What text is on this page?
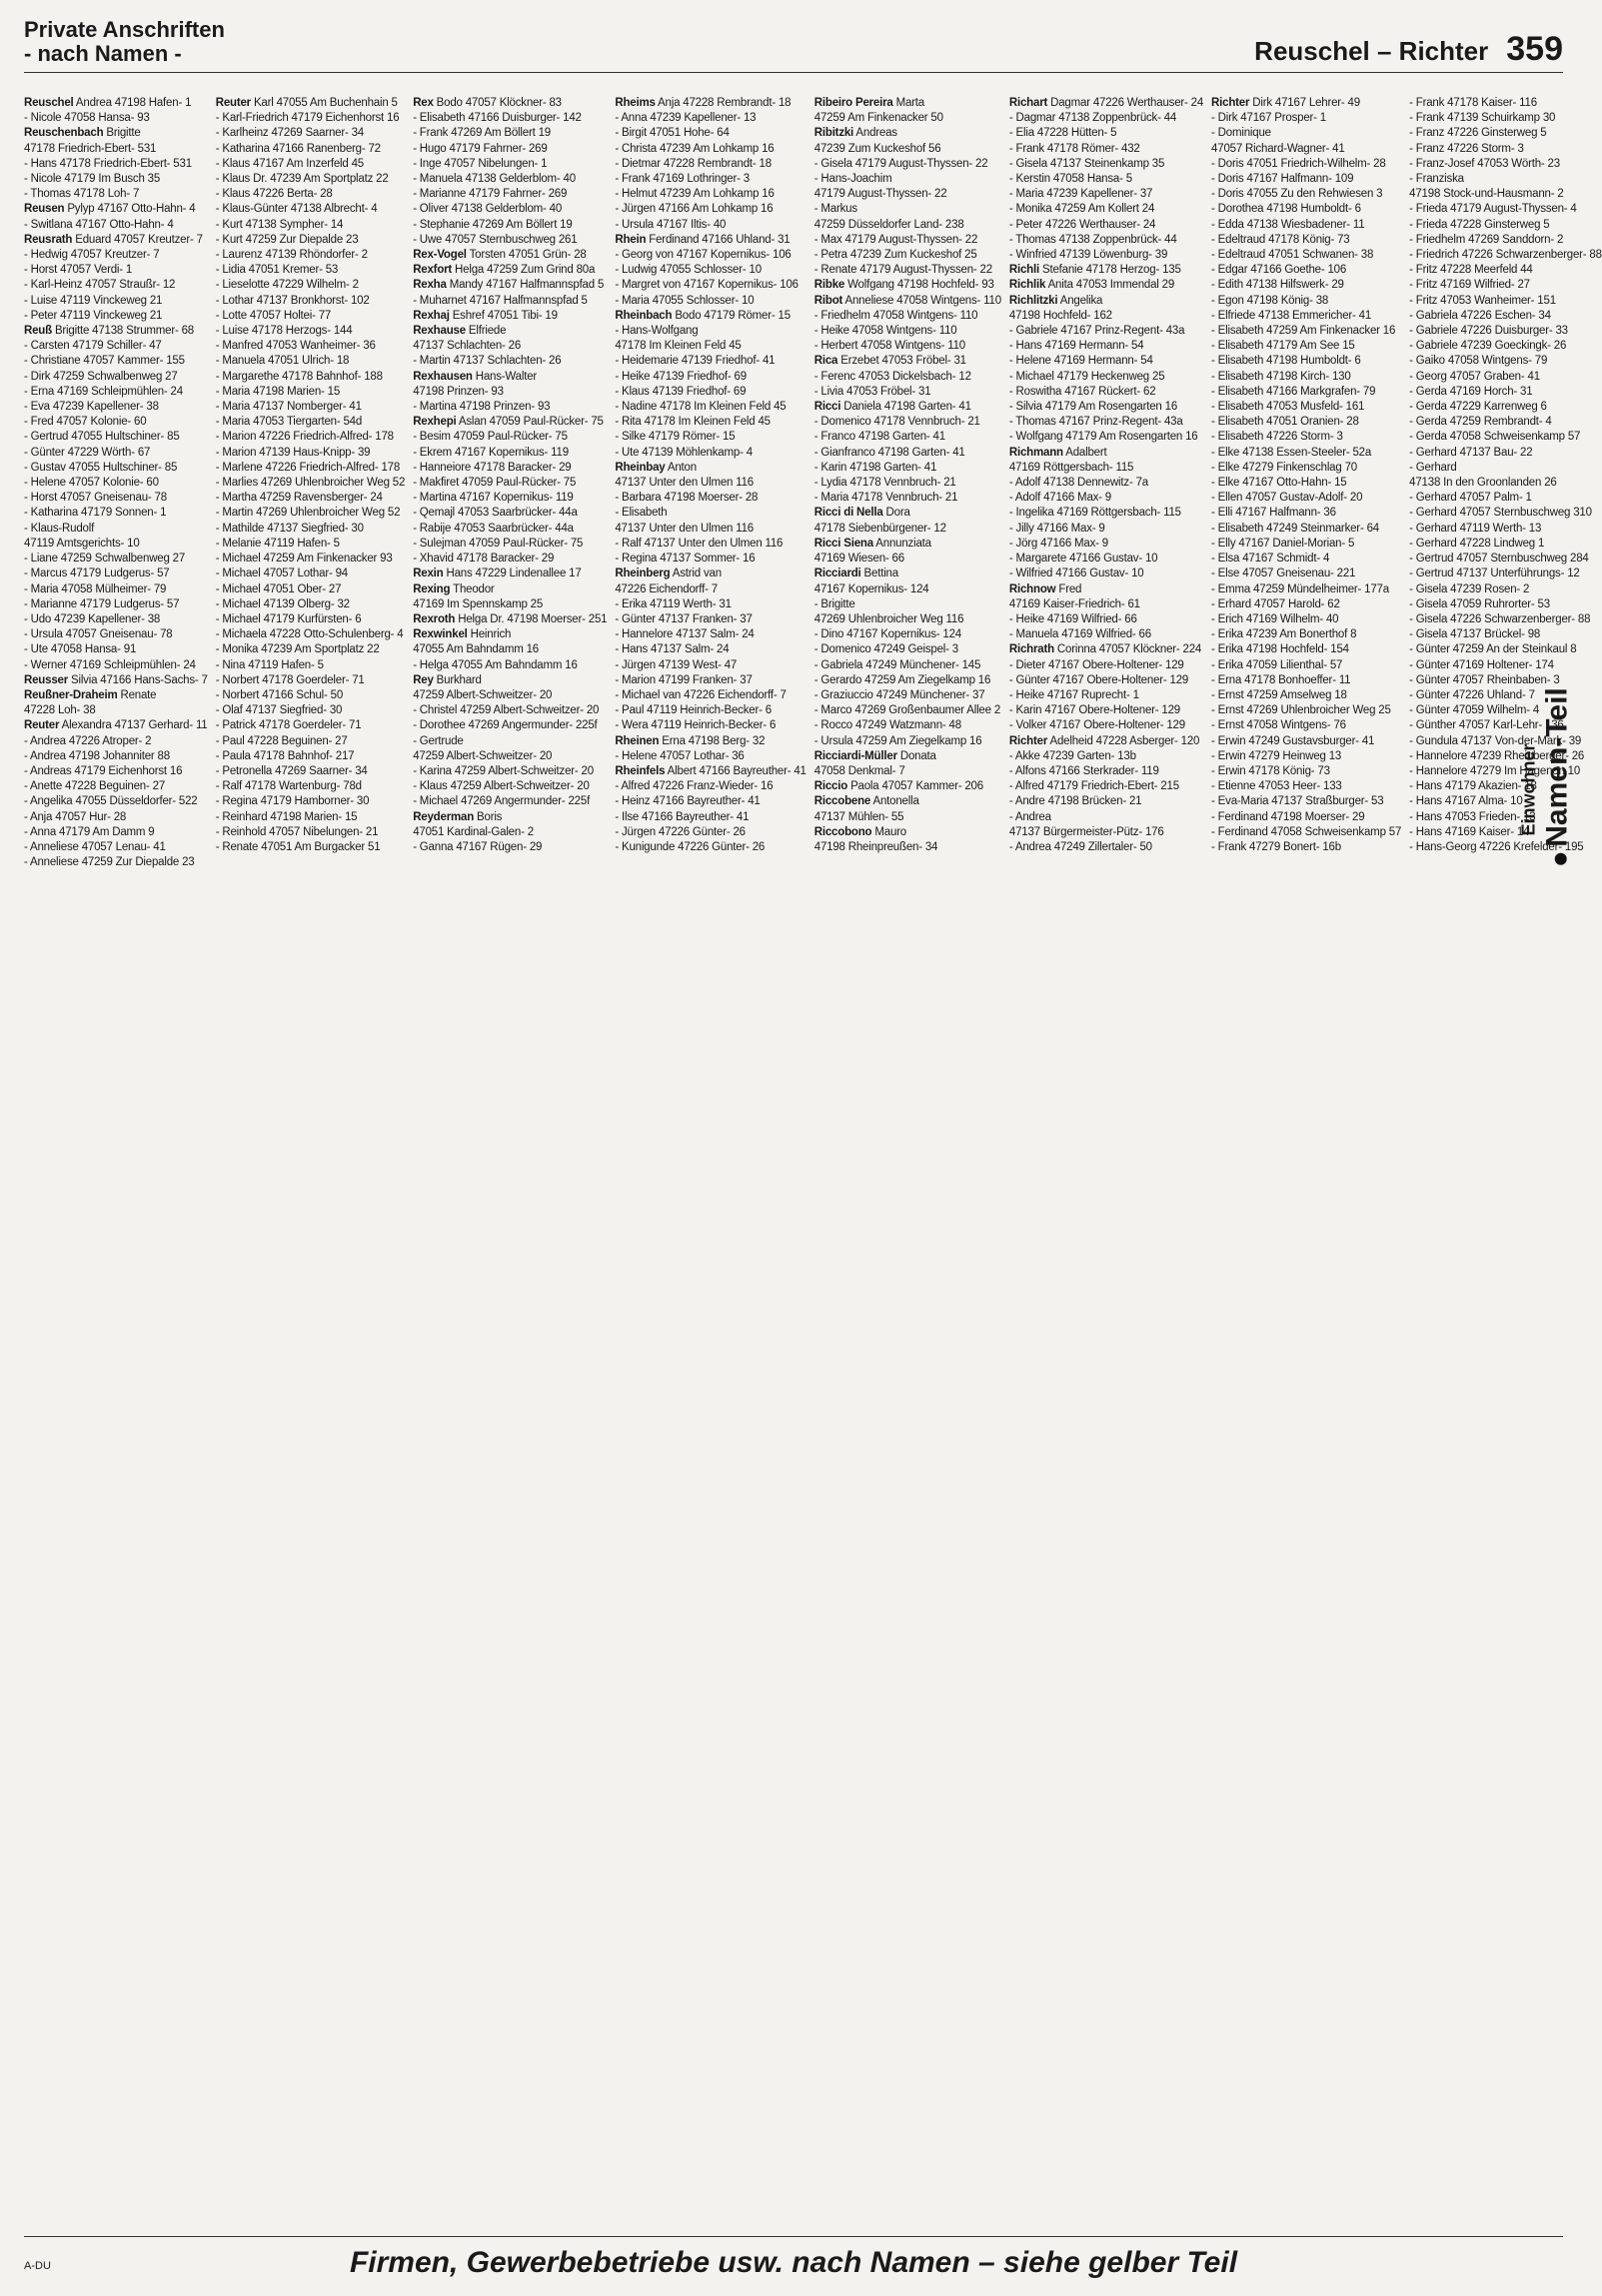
Private Anschriften
- nach Namen -	Reuschel – Richter 359
Reuschel Andrea 47198 Hafen- 1
- Nicole 47058 Hansa- 93
Reuschenbach Brigitte
47178 Friedrich-Ebert- 531
- Hans 47178 Friedrich-Ebert- 531
- Nicole 47179 Im Busch 35
- Thomas 47178 Loh- 7
Reusen Pylyp 47167 Otto-Hahn- 4
- Switlana 47167 Otto-Hahn- 4
Reusrath Eduard 47057 Kreutzer- 7
- Hedwig 47057 Kreutzer- 7
- Horst 47057 Verdi- 1
- Karl-Heinz 47057 Straußr- 12
- Luise 47119 Vinckeweg 21
- Peter 47119 Vinckeweg 21
Reuß Brigitte 47138 Strummer- 68
- Carsten 47179 Schiller- 47
- Christiane 47057 Kammer- 155
- Dirk 47259 Schwalbenweg 27
- Erna 47169 Schleipmühlen- 24
- Eva 47239 Kapellener- 38
- Fred 47057 Kolonie- 60
- Gertrud 47055 Hultschiner- 85
- Günter 47229 Wörth- 67
- Gustav 47055 Hultschiner- 85
- Helene 47057 Kolonie- 60
- Horst 47057 Gneisenau- 78
- Katharina 47179 Sonnen- 1
- Klaus-Rudolf
47119 Amtsgerichts- 10
- Liane 47259 Schwalbenweg 27
- Marcus 47179 Ludgerus- 57
- Maria 47058 Mülheimer- 79
- Marianne 47179 Ludgerus- 57
- Udo 47239 Kapellener- 38
- Ursula 47057 Gneisenau- 78
- Ute 47058 Hansa- 91
- Werner 47169 Schleipmühlen- 24
Reusser Silvia 47166 Hans-Sachs- 7
Reußner-Draheim Renate
47228 Loh- 38
Reuter Alexandra 47137 Gerhard- 11
- Andrea 47226 Atroper- 2
- Andrea 47198 Johanniter 88
- Andreas 47179 Eichenhorst 16
- Anette 47228 Beguinen- 27
- Angelika 47055 Düsseldorfer- 522
- Anja 47057 Hur- 28
- Anna 47179 Am Damm 9
- Anneliese 47057 Lenau- 41
- Anneliese 47259 Zur Diepalde 23
Reuter Karl 47055 Am Buchenhain 5
- Karl-Friedrich 47179 Eichenhorst 16
- Karlheinz 47269 Saarner- 34
- Katharina 47166 Ranenberg- 72
- Klaus 47167 Am Inzerfeld 45
- Klaus Dr. 47239 Am Sportplatz 22
- Klaus 47226 Berta- 28
- Klaus-Günter 47138 Albrecht- 4
- Kurt 47138 Sympher- 14
- Kurt 47259 Zur Diepalde 23
- Laurenz 47139 Rhöndorfer- 2
- Lidia 47051 Kremer- 53
- Lieselotte 47229 Wilhelm- 2
- Lothar 47137 Bronkhorst- 102
- Lotte 47057 Holtei- 77
- Luise 47178 Herzogs- 144
- Manfred 47053 Wanheimer- 36
- Manuela 47051 Ulrich- 18
- Margarethe 47178 Bahnhof- 188
- Maria 47198 Marien- 15
- Maria 47137 Nomberger- 41
- Maria 47053 Tiergarten- 54d
- Marion 47226 Friedrich-Alfred- 178
- Marion 47139 Haus-Knipp- 39
- Marlene 47226 Friedrich-Alfred- 178
- Marlies 47269 Uhlenbroicher Weg 52
- Martha 47259 Ravensberger- 24
- Martin 47269 Uhlenbroicher Weg 52
- Mathilde 47137 Siegfried- 30
- Melanie 47119 Hafen- 5
- Michael 47259 Am Finkenacker 93
- Michael 47057 Lothar- 94
- Michael 47051 Ober- 27
- Michael 47139 Olberg- 32
- Michael 47179 Kurfürsten- 6
- Michaela 47228 Otto-Schulenberg- 4
- Monika 47239 Am Sportplatz 22
- Nina 47119 Hafen- 5
- Norbert 47178 Goerdeler- 71
- Norbert 47166 Schul- 50
- Olaf 47137 Siegfried- 30
- Patrick 47178 Goerdeler- 71
- Paul 47228 Beguinen- 27
- Paula 47178 Bahnhof- 217
- Petronella 47269 Saarner- 34
- Ralf 47178 Wartenburg- 78d
- Regina 47179 Hamborner- 30
- Reinhard 47198 Marien- 15
- Reinhold 47057 Nibelungen- 21
- Renate 47051 Am Burgacker 51
Rex Bodo 47057 Klöckner- 83
- Elisabeth 47166 Duisburger- 142
- Frank 47269 Am Böllert 19
- Hugo 47179 Fahrner- 269
- Inge 47057 Nibelungen- 1
- Manuela 47138 Gelderblom- 40
- Marianne 47179 Fahrner- 269
- Oliver 47138 Gelderblom- 40
- Stephanie 47269 Am Böllert 19
- Uwe 47057 Sternbuschweg 261
Rex-Vogel Torsten 47051 Grün- 28
Rexfort Helga 47259 Zum Grind 80a
Rexha Mandy 47167 Halfmannspfad 5
- Muharnet 47167 Halfmannspfad 5
Rexhaj Eshref 47051 Tibi- 19
Rexhause Elfriede
47137 Schlachten- 26
- Martin 47137 Schlachten- 26
Rexhausen Hans-Walter
47198 Prinzen- 93
- Martina 47198 Prinzen- 93
Rexhepi Aslan 47059 Paul-Rücker- 75
- Besim 47059 Paul-Rücker- 75
- Ekrem 47167 Kopernikus- 119
- Hanneiore 47178 Baracker- 29
- Makfiret 47059 Paul-Rücker- 75
- Martina 47167 Kopernikus- 119
- Qemajl 47053 Saarbrücker- 44a
- Rabije 47053 Saarbrücker- 44a
- Sulejman 47059 Paul-Rücker- 75
- Xhavid 47178 Baracker- 29
Rexin Hans 47229 Lindenallee 17
Rexing Theodor
47169 Im Spennskamp 25
Rexroth Helga Dr. 47198 Moerser- 251
Rexwinkel Heinrich
47055 Am Bahndamm 16
- Helga 47055 Am Bahndamm 16
Rey Burkhard
47259 Albert-Schweitzer- 20
- Christel 47259 Albert-Schweitzer- 20
- Dorothee 47269 Angermunder- 225f
- Gertrude
47259 Albert-Schweitzer- 20
- Karina 47259 Albert-Schweitzer- 20
- Klaus 47259 Albert-Schweitzer- 20
- Michael 47269 Angermunder- 225f
Reyderman Boris
47051 Kardinal-Galen- 2
- Ganna 47167 Rügen- 29
Rheims Anja 47228 Rembrandt- 18
- Anna 47239 Kapellener- 13
- Birgit 47051 Hohe- 64
- Christa 47239 Am Lohkamp 16
- Dietmar 47228 Rembrandt- 18
- Frank 47169 Lothringer- 3
- Helmut 47239 Am Lohkamp 16
- Jürgen 47166 Am Lohkamp 16
- Ursula 47167 Iltis- 40
Rhein Ferdinand 47166 Uhland- 31
- Georg von 47167 Kopernikus- 106
- Ludwig 47055 Schlosser- 10
- Margret von 47167 Kopernikus- 106
- Maria 47055 Schlosser- 10
Rheinbach Bodo 47179 Römer- 15
- Hans-Wolfgang
47178 Im Kleinen Feld 45
- Heidemarie 47139 Friedhof- 41
- Heike 47139 Friedhof- 69
- Klaus 47139 Friedhof- 69
- Nadine 47178 Im Kleinen Feld 45
- Rita 47178 Im Kleinen Feld 45
- Silke 47179 Römer- 15
- Ute 47139 Möhlenkamp- 4
Rheinbay Anton
47137 Unter den Ulmen 116
- Barbara 47198 Moerser- 28
- Elisabeth
47137 Unter den Ulmen 116
- Ralf 47137 Unter den Ulmen 116
- Regina 47137 Sommer- 16
Rheinberg Astrid van
47226 Eichendorff- 7
- Erika 47119 Werth- 31
- Günter 47137 Franken- 37
- Hannelore 47137 Salm- 24
- Hans 47137 Salm- 24
- Jürgen 47139 West- 47
- Marion 47199 Franken- 37
- Michael van 47226 Eichendorff- 7
- Paul 47119 Heinrich-Becker- 6
- Wera 47119 Heinrich-Becker- 6
Rheinen Erna 47198 Berg- 32
- Helene 47057 Lothar- 36
Rheinfels Albert 47166 Bayreuther- 41
- Alfred 47226 Franz-Wieder- 16
- Heinz 47166 Bayreuther- 41
- Ilse 47166 Bayreuther- 41
- Jürgen 47226 Günter- 26
- Kunigunde 47226 Günter- 26
Ribeiro Pereira Marta
47259 Am Finkenacker 50
Ribitzki Andreas
47239 Zum Kuckeshof 56
- Gisela 47179 August-Thyssen- 22
- Hans-Joachim
47179 August-Thyssen- 22
- Markus
47259 Düsseldorfer Land- 238
- Max 47179 August-Thyssen- 22
- Petra 47239 Zum Kuckeshof 25
- Renate 47179 August-Thyssen- 22
Ribke Wolfgang 47198 Hochfeld- 93
Ribot Anneliese 47058 Wintgens- 110
- Friedhelm 47058 Wintgens- 110
- Heike 47058 Wintgens- 110
- Herbert 47058 Wintgens- 110
Rica Erzebet 47053 Fröbel- 31
- Ferenc 47053 Dickelsbach- 12
- Livia 47053 Fröbel- 31
Ricci Daniela 47198 Garten- 41
- Domenico 47178 Vennbruch- 21
- Franco 47198 Garten- 41
- Gianfranco 47198 Garten- 41
- Karin 47198 Garten- 41
- Lydia 47178 Vennbruch- 21
- Maria 47178 Vennbruch- 21
Ricci di Nella Dora
47178 Siebenbürgener- 12
Ricci Siena Annunziata
47169 Wiesen- 66
Ricciardi Bettina
47167 Kopernikus- 124
- Brigitte
47269 Uhlenbroicher Weg 116
- Dino 47167 Kopernikus- 124
- Domenico 47249 Geispel- 3
- Gabriela 47249 Münchener- 145
- Gerardo 47259 Am Ziegelkamp 16
- Graziuccio 47249 Münchener- 37
- Marco 47269 Großenbaumer Allee 2
- Rocco 47249 Watzmann- 48
- Ursula 47259 Am Ziegelkamp 16
Ricciardi-Müller Donata
47058 Denkmal- 7
Riccio Paola 47057 Kammer- 206
Riccobene Antonella
47137 Mühlen- 55
Riccobono Mauro
47198 Rheinpreußen- 34
Richart Dagmar 47226 Werthauser- 24
- Dagmar 47138 Zoppenbrück- 44
- Elia 47228 Hütten- 5
- Frank 47178 Römer- 432
- Gisela 47137 Steinenkamp 35
- Kerstin 47058 Hansa- 5
- Maria 47239 Kapellener- 37
- Monika 47259 Am Kollert 24
- Peter 47226 Werthauser- 24
- Thomas 47138 Zoppenbrück- 44
- Winfried 47139 Löwenburg- 39
Richli Stefanie 47178 Herzog- 135
Richlik Anita 47053 Immendal 29
Richlitzki Angelika
47198 Hochfeld- 162
- Gabriele 47167 Prinz-Regent- 43a
- Hans 47169 Hermann- 54
- Helene 47169 Hermann- 54
- Michael 47179 Heckenweg 25
- Roswitha 47167 Rückert- 62
- Silvia 47179 Am Rosengarten 16
- Thomas 47167 Prinz-Regent- 43a
- Wolfgang 47179 Am Rosengarten 16
Richmann Adalbert
47169 Röttgersbach- 115
- Adolf 47138 Dennewitz- 7a
- Adolf 47166 Max- 9
- Ingelika 47169 Röttgersbach- 115
- Jilly 47166 Max- 9
- Jörg 47166 Max- 9
- Margarete 47166 Gustav- 10
- Wilfried 47166 Gustav- 10
Richnow Fred
47169 Kaiser-Friedrich- 61
- Heike 47169 Wilfried- 66
- Manuela 47169 Wilfried- 66
Richrath Corinna 47057 Klöckner- 224
- Dieter 47167 Obere-Holtener- 129
- Günter 47167 Obere-Holtener- 129
- Heike 47167 Ruprecht- 1
- Karin 47167 Obere-Holtener- 129
- Volker 47167 Obere-Holtener- 129
Richter Adelheid 47228 Asberger- 120
- Akke 47239 Garten- 13b
- Alfons 47166 Sterkrader- 119
- Alfred 47179 Friedrich-Ebert- 215
- Andre 47198 Brücken- 21
- Andrea
47137 Bürgermeister-Pütz- 176
- Andrea 47249 Zillertaler- 50
Richter Dirk 47167 Lehrer- 49
- Dirk 47167 Prosper- 1
- Dominique
47057 Richard-Wagner- 41
- Doris 47051 Friedrich-Wilhelm- 28
- Doris 47167 Halfmann- 109
- Doris 47055 Zu den Rehwiesen 3
- Dorothea 47198 Humboldt- 6
- Edda 47138 Wiesbadener- 11
- Edeltraud 47178 König- 73
- Edeltraud 47051 Schwanen- 38
- Edgar 47166 Goethe- 106
- Edith 47138 Hilfswerk- 29
- Egon 47198 König- 38
- Elfriede 47138 Emmericher- 41
- Elisabeth 47259 Am Finkenacker 16
- Elisabeth 47179 Am See 15
- Elisabeth 47198 Humboldt- 6
- Elisabeth 47198 Kirch- 130
- Elisabeth 47166 Markgrafen- 79
- Elisabeth 47053 Musfeld- 161
- Elisabeth 47051 Oranien- 28
- Elisabeth 47226 Storm- 3
- Elke 47138 Essen-Steeler- 52a
- Elke 47279 Finkenschlag 70
- Elke 47167 Otto-Hahn- 15
- Ellen 47057 Gustav-Adolf- 20
- Elli 47167 Halfmann- 36
- Elisabeth 47249 Steinmarker- 64
- Elly 47167 Daniel-Morian- 5
- Elsa 47167 Schmidt- 4
- Else 47057 Gneisenau- 221
- Emma 47259 Mündelheimer- 177a
- Erhard 47057 Harold- 62
- Erich 47169 Wilhelm- 40
- Erika 47239 Am Bonerthof 8
- Erika 47198 Hochfeld- 154
- Erika 47059 Lilienthal- 57
- Erna 47178 Bonhoeffer- 11
- Ernst 47259 Amselweg 18
- Ernst 47269 Uhlenbroicher Weg 25
- Ernst 47058 Wintgens- 76
- Erwin 47249 Gustavsburger- 41
- Erwin 47279 Heinweg 13
- Erwin 47178 König- 73
- Etienne 47053 Heer- 133
- Eva-Maria 47137 Straßburger- 53
- Ferdinand 47198 Moerser- 29
- Ferdinand 47058 Schweisenkamp 57
- Frank 47279 Bonert- 16b
- Frank 47178 Kaiser- 116
- Frank 47139 Schuirkamp 30
- Franz 47226 Ginsterweg 5
- Franz 47226 Storm- 3
- Franz-Josef 47053 Wörth- 23
- Franziska
47198 Stock-und-Hausmann- 2
- Frieda 47179 August-Thyssen- 4
- Frieda 47228 Ginsterweg 5
- Friedhelm 47269 Sanddorn- 2
- Friedrich 47226 Schwarzenberger- 88
- Fritz 47228 Meerfeld 44
- Fritz 47169 Wilfried- 27
- Fritz 47053 Wanheimer- 151
- Gabriela 47226 Eschen- 34
- Gabriele 47226 Duisburger- 33
- Gabriele 47239 Goeckingk- 26
- Gaiko 47058 Wintgens- 79
- Georg 47057 Graben- 41
- Gerda 47169 Horch- 31
- Gerda 47229 Karrenweg 6
- Gerda 47259 Rembrandt- 4
- Gerda 47058 Schweisenkamp 57
- Gerhard 47137 Bau- 22
- Gerhard
47138 In den Groonlanden 26
- Gerhard 47057 Palm- 1
- Gerhard 47057 Sternbuschweg 310
- Gerhard 47119 Werth- 13
- Gerhard 47228 Lindweg 1
- Gertrud 47057 Sternbuschweg 284
- Gertrud 47137 Unterführungs- 12
- Gisela 47239 Rosen- 2
- Gisela 47059 Ruhrorter- 53
- Gisela 47226 Schwarzenberger- 88
- Gisela 47137 Brückel- 98
- Günter 47259 An der Steinkaul 8
- Günter 47169 Holtener- 174
- Günter 47057 Rheinbaben- 3
- Günter 47226 Uhland- 7
- Günter 47059 Wilhelm- 4
- Günther 47057 Karl-Lehr- 136
- Gundula 47137 Von-der-Mark- 39
- Hannelore 47239 Rheinberger- 26
- Hannelore 47279 Im Hagenon 10
- Hans 47179 Akazien- 18
- Hans 47167 Alma- 10
- Hans 47053 Frieden- 13
- Hans 47169 Kaiser- 14
- Hans-Georg 47226 Krefelder- 195
Einwohner Namen-Teil
A-DU	Firmen, Gewerbebetriebe usw. nach Namen – siehe gelber Teil
